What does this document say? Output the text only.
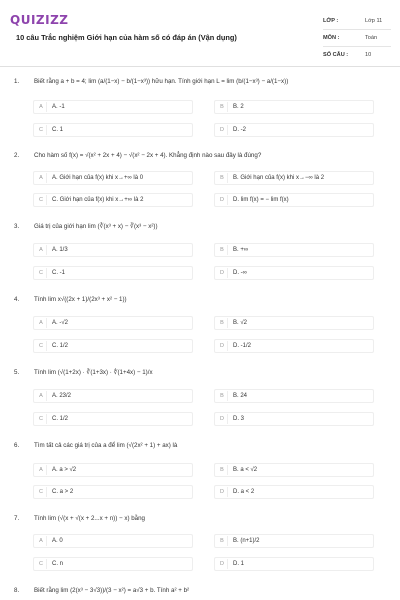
QUIZIZZ
10 câu Trắc nghiệm Giới hạn của hàm số có đáp án (Vận dụng)
LỚP :	Lớp 11
MÔN :	Toán
SỐ CÂU :	10
1. Biết rằng a + b = 4; lim (a/(1−x) − b/(1−x³)) hữu hạn. Tính giới hạn L = lim (b/(1−x³) − a/(1−x))
A	A. -1	B	B. 2
C	C. 1	D	D. -2
2. Cho hàm số f(x) = √(x² + 2x + 4) − √(x² − 2x + 4). Khẳng định nào sau đây là đúng?
A	A. Giới hạn của f(x) khi x→+∞ là 0	B	B. Giới hạn của f(x) khi x→−∞ là 2
C	C. Giới hạn của f(x) khi x→+∞ là 2	D	D. lim f(x) = − lim f(x)
3. Giá trị của giới hạn lim (∛(x³ + x) − ∛(x³ − x²))
A	A. 1/3	B	B. +∞
C	C. -1	D	D. -∞
4. Tính lim x√((2x + 1)/(2x³ + x² − 1))
A	A. -√2	B	B. √2
C	C. 1/2	D	D. -1/2
5. Tính lim (√(1+2x) · ∛(1+3x) · ∜(1+4x) − 1)/x
A	A. 23/2	B	B. 24
C	C. 1/2	D	D. 3
6. Tìm tất cả các giá trị của a để lim (√(2x² + 1) + ax) là
A	A. a > √2	B	B. a < √2
C	C. a > 2	D	D. a < 2
7. Tính lim (√(x + √(x + 2...x + n)) − x) bằng
A	A. 0	B	B. (n+1)/2
C	C. n	D	D. 1
8. Biết rằng lim (2(x³ − 3√3))/(3 − x²) = a√3 + b. Tính a² + b²
